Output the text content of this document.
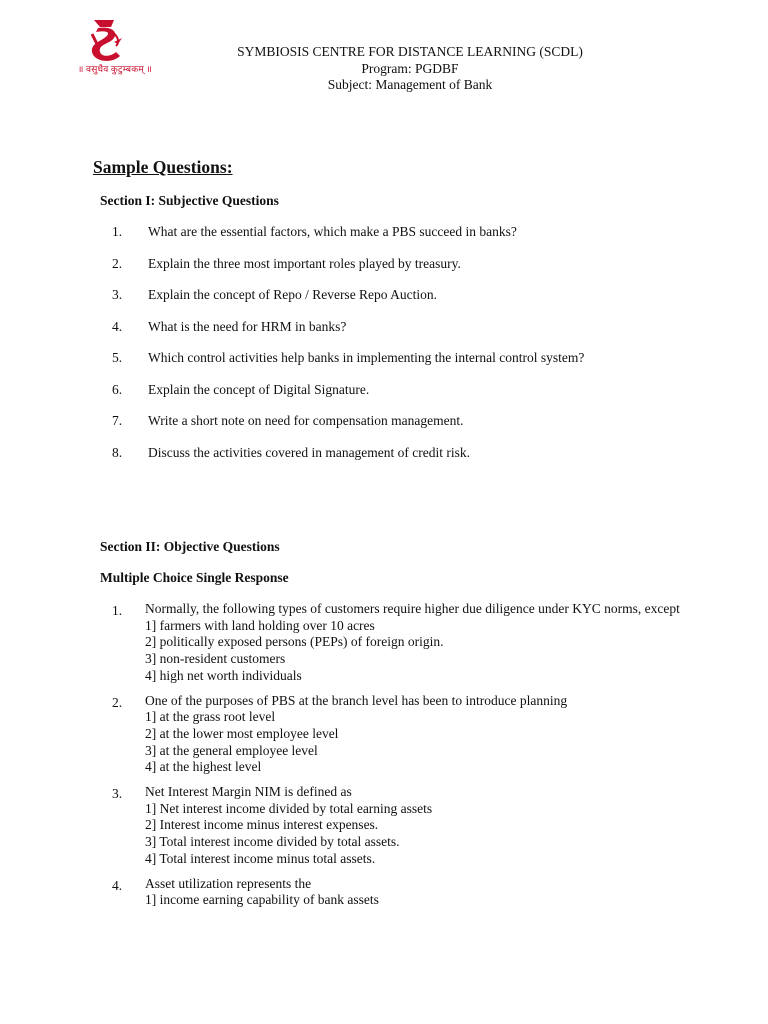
॥ वसुधैव कुटुम्बकम् ॥
SYMBIOSIS CENTRE FOR DISTANCE LEARNING (SCDL)
Program: PGDBF
Subject: Management of Bank
Sample Questions:
Section I: Subjective Questions
1. What are the essential factors, which make a PBS succeed in banks?
2. Explain the three most important roles played by treasury.
3. Explain the concept of Repo / Reverse Repo Auction.
4. What is the need for HRM in banks?
5. Which control activities help banks in implementing the internal control system?
6. Explain the concept of Digital Signature.
7. Write a short note on need for compensation management.
8. Discuss the activities covered in management of credit risk.
Section II: Objective Questions
Multiple Choice Single Response
1. Normally, the following types of customers require higher due diligence under KYC norms, except
1] farmers with land holding over 10 acres
2] politically exposed persons (PEPs) of foreign origin.
3] non-resident customers
4] high net worth individuals
2. One of the purposes of PBS at the branch level has been to introduce planning
1] at the grass root level
2] at the lower most employee level
3] at the general employee level
4] at the highest level
3. Net Interest Margin NIM is defined as
1] Net interest income divided by total earning assets
2] Interest income minus interest expenses.
3] Total interest income divided by total assets.
4] Total interest income minus total assets.
4. Asset utilization represents the
1] income earning capability of bank assets
